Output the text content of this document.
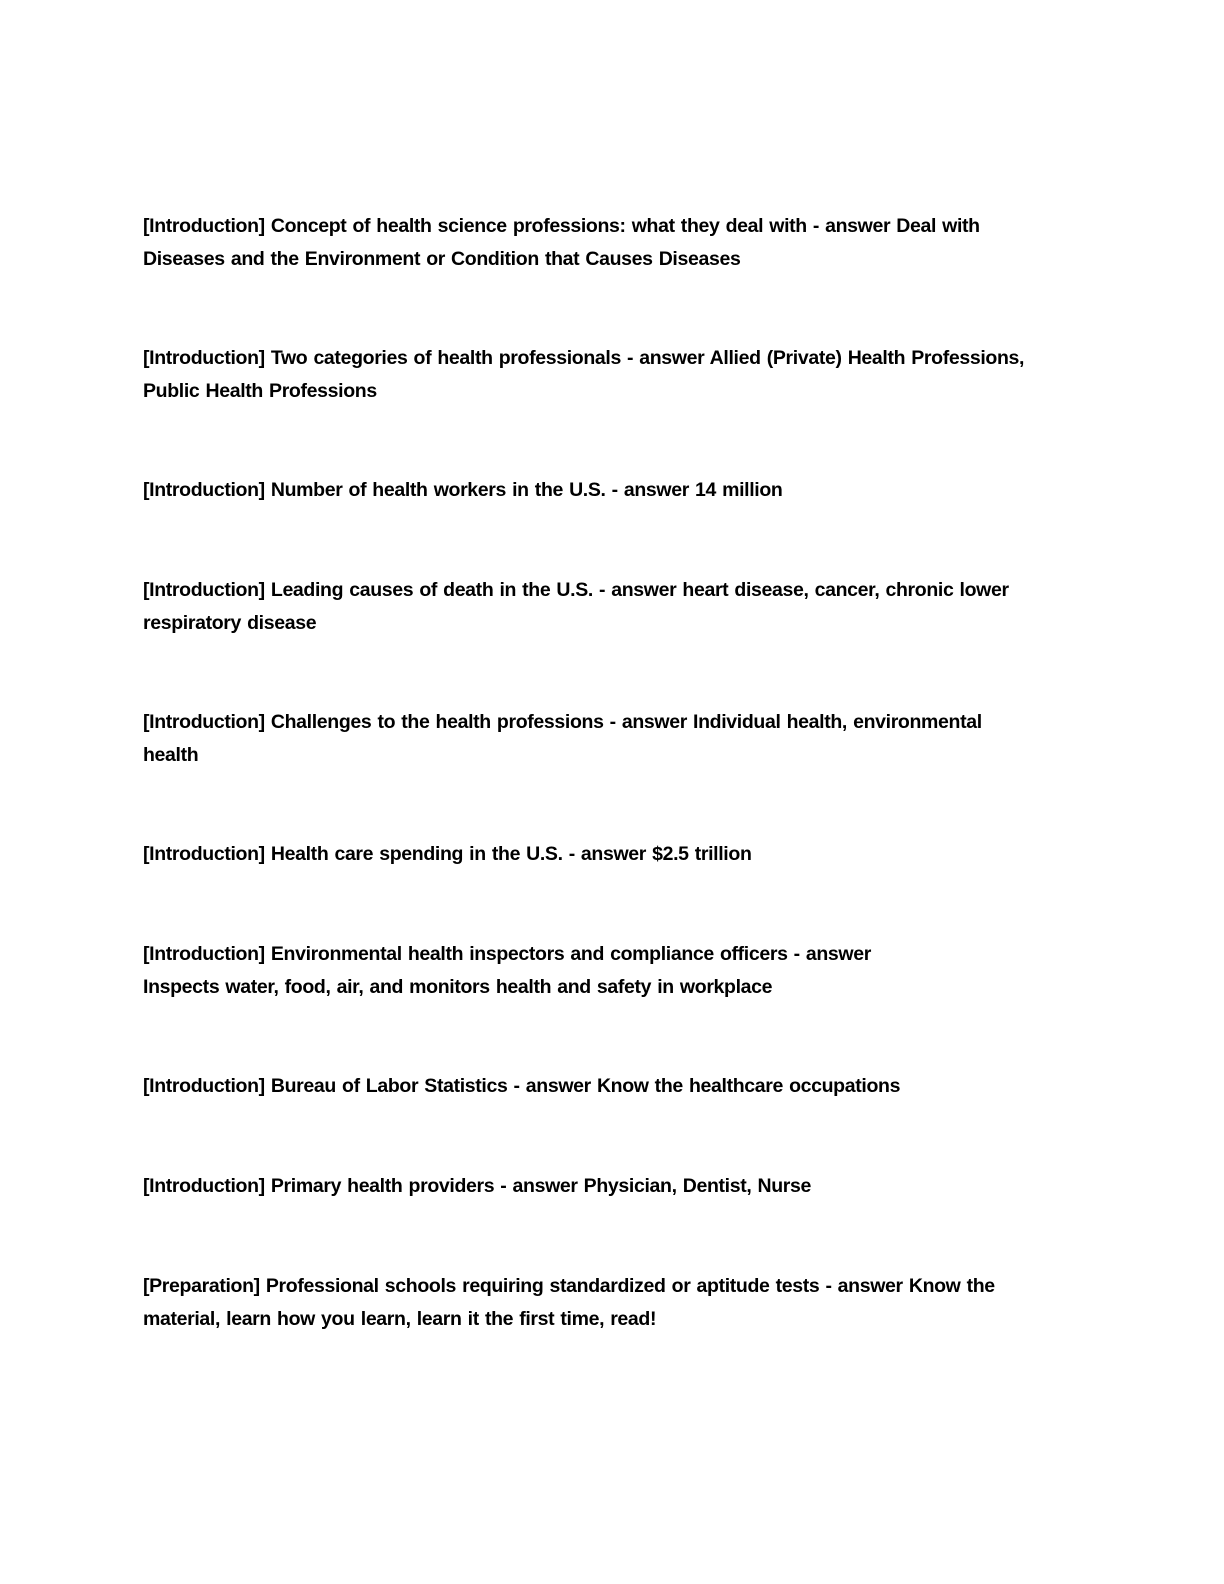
[Introduction] Concept of health science professions: what they deal with - answer Deal with
Diseases and the Environment or Condition that Causes Diseases

[Introduction] Two categories of health professionals - answer Allied (Private) Health Professions,
Public Health Professions

[Introduction] Number of health workers in the U.S. - answer 14 million

[Introduction] Leading causes of death in the U.S. - answer heart disease, cancer, chronic lower
respiratory disease

[Introduction] Challenges to the health professions - answer Individual health, environmental
health

[Introduction] Health care spending in the U.S. - answer $2.5 trillion

[Introduction] Environmental health inspectors and compliance officers - answer
Inspects water, food, air, and monitors health and safety in workplace

[Introduction] Bureau of Labor Statistics - answer Know the healthcare occupations

[Introduction] Primary health providers - answer Physician, Dentist, Nurse

[Preparation] Professional schools requiring standardized or aptitude tests - answer Know the
material, learn how you learn, learn it the first time, read!
